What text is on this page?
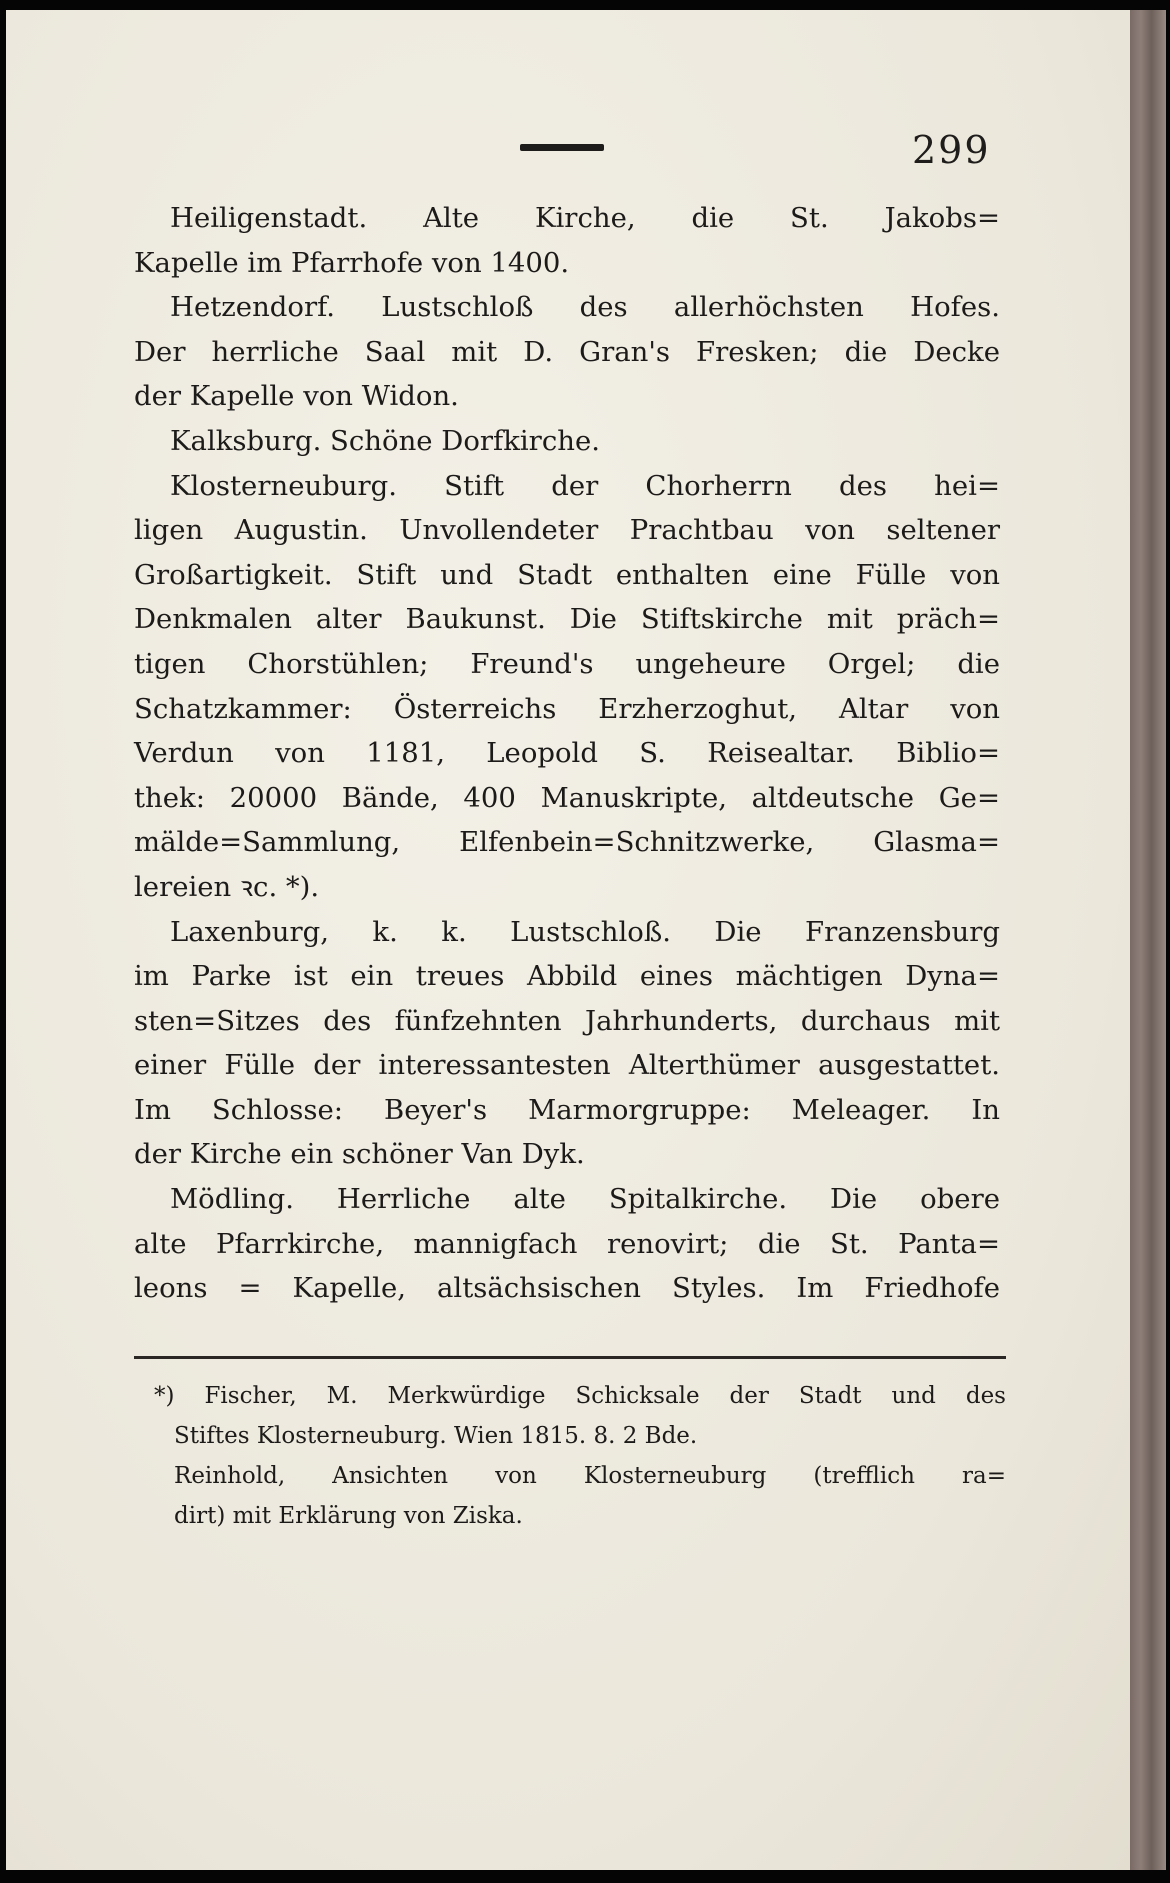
299
Heiligenstadt. Alte Kirche, die St. Jakobs=
Kapelle im Pfarrhofe von 1400.
Hetzendorf. Lustschloß des allerhöchsten Hofes.
Der herrliche Saal mit D. Gran's Fresken; die Decke
der Kapelle von Widon.
Kalksburg. Schöne Dorfkirche.
Klosterneuburg. Stift der Chorherrn des hei=
ligen Augustin. Unvollendeter Prachtbau von seltener
Großartigkeit. Stift und Stadt enthalten eine Fülle von
Denkmalen alter Baukunst. Die Stiftskirche mit präch=
tigen Chorstühlen; Freund's ungeheure Orgel; die
Schatzkammer: Österreichs Erzherzoghut, Altar von
Verdun von 1181, Leopold S. Reisealtar. Biblio=
thek: 20000 Bände, 400 Manuskripte, altdeutsche Ge=
mälde=Sammlung, Elfenbein=Schnitzwerke, Glasma=
lereien ꝛc. *).
Laxenburg, k. k. Lustschloß. Die Franzensburg
im Parke ist ein treues Abbild eines mächtigen Dyna=
sten=Sitzes des fünfzehnten Jahrhunderts, durchaus mit
einer Fülle der interessantesten Alterthümer ausgestattet.
Im Schlosse: Beyer's Marmorgruppe: Meleager. In
der Kirche ein schöner Van Dyk.
Mödling. Herrliche alte Spitalkirche. Die obere
alte Pfarrkirche, mannigfach renovirt; die St. Panta=
leons = Kapelle, altsächsischen Styles. Im Friedhofe
*) Fischer, M. Merkwürdige Schicksale der Stadt und des
Stiftes Klosterneuburg. Wien 1815. 8. 2 Bde.
Reinhold, Ansichten von Klosterneuburg (trefflich ra=
dirt) mit Erklärung von Ziska.
